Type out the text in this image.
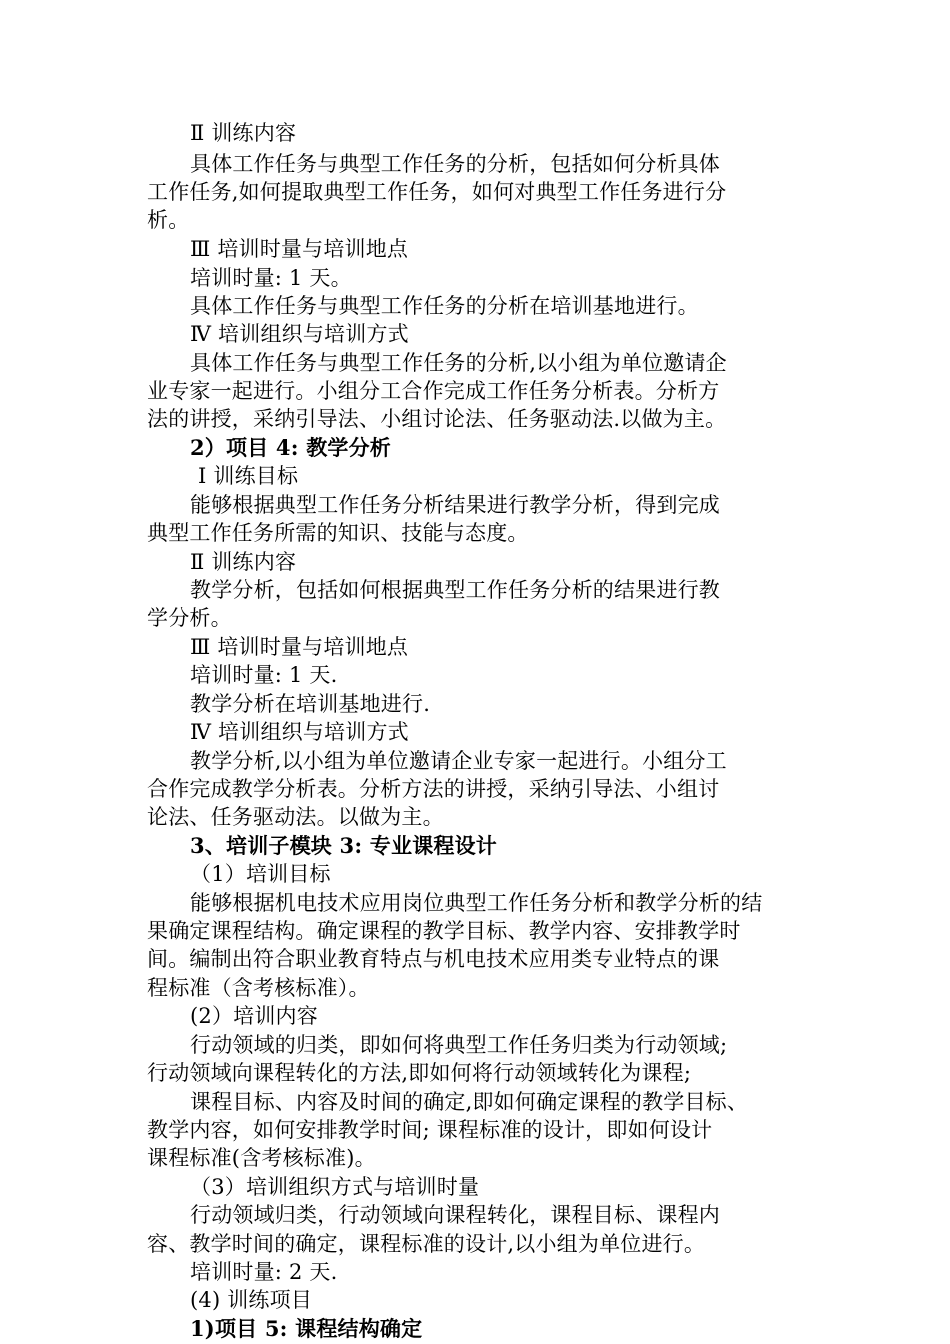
Ⅱ 训练内容
具体工作任务与典型工作任务的分析，包括如何分析具体
工作任务,如何提取典型工作任务，如何对典型工作任务进行分
析。
Ⅲ 培训时量与培训地点
培训时量: 1 天。
具体工作任务与典型工作任务的分析在培训基地进行。
Ⅳ 培训组织与培训方式
具体工作任务与典型工作任务的分析,以小组为单位邀请企
业专家一起进行。小组分工合作完成工作任务分析表。分析方
法的讲授，采纳引导法、小组讨论法、任务驱动法.以做为主。
2）项目 4: 教学分析
Ⅰ 训练目标
能够根据典型工作任务分析结果进行教学分析，得到完成
典型工作任务所需的知识、技能与态度。
Ⅱ 训练内容
教学分析，包括如何根据典型工作任务分析的结果进行教
学分析。
Ⅲ 培训时量与培训地点
培训时量: 1 天.
教学分析在培训基地进行.
Ⅳ 培训组织与培训方式
教学分析,以小组为单位邀请企业专家一起进行。小组分工
合作完成教学分析表。分析方法的讲授，采纳引导法、小组讨
论法、任务驱动法。以做为主。
3、培训子模块 3: 专业课程设计
（1）培训目标
能够根据机电技术应用岗位典型工作任务分析和教学分析的结
果确定课程结构。确定课程的教学目标、教学内容、安排教学时
间。编制出符合职业教育特点与机电技术应用类专业特点的课
程标准（含考核标准）。
(2）培训内容
行动领域的归类，即如何将典型工作任务归类为行动领域;
行动领域向课程转化的方法,即如何将行动领域转化为课程;
课程目标、内容及时间的确定,即如何确定课程的教学目标、
教学内容，如何安排教学时间; 课程标准的设计，即如何设计
课程标准(含考核标准)。
（3）培训组织方式与培训时量
行动领域归类，行动领域向课程转化，课程目标、课程内
容、教学时间的确定，课程标准的设计,以小组为单位进行。
培训时量: 2 天.
(4) 训练项目
1)项目 5: 课程结构确定
